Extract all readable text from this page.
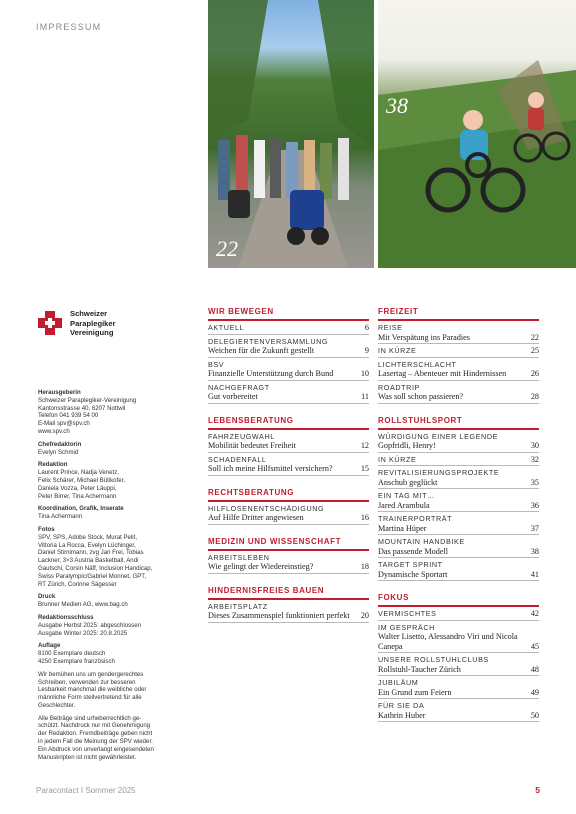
IMPRESSUM
22
38
Schweizer
Paraplegiker
Vereinigung
Herausgeberin
Schweizer Paraplegiker-Vereinigung
Kantonsstrasse 40, 6207 Nottwil
Telefon 041 939 54 00
E-Mail spv@spv.ch
www.spv.ch
Chefredaktorin
Evelyn Schmid
Redaktion
Laurent Prince, Nadja Venetz,
Felix Schärer, Michael Bütikofer,
Daniela Vozza, Peter Läuppi,
Peter Birrer, Tina Achermann
Koordination, Grafik, Inserate
Tina Achermann
Fotos
SPV, SPS, Adobe Stock, Murat Pelit,
Vittoria La Rocca, Evelyn Lüchinger,
Daniel Stirnimann, zvg Jan Frei, Tobias
Lackner, 3×3 Austria Basketball, Andi
Gautschi, Corsin Näff, Inclusion Handicap,
Swiss Paralympic/Gabriel Monnet, GPT,
RT Zürich, Corinne Sägesser
Druck
Brunner Medien AG, www.bag.ch
Redaktionsschluss
Ausgabe Herbst 2025: abgeschlossen
Ausgabe Winter 2025: 20.8.2025
Auflage
8100 Exemplare deutsch
4250 Exemplare französisch
Wir bemühen uns um gendergerechtes
Schreiben, verwenden zur besseren
Lesbarkeit manchmal die weibliche oder
männliche Form stellvertretend für alle
Geschlechter.
Alle Beiträge sind urheberrechtlich ge-
schützt. Nachdruck nur mit Genehmigung
der Redaktion. Fremdbeiträge geben nicht
in jedem Fall die Meinung der SPV wieder.
Ein Abdruck von unverlangt eingesendeten
Manuskripten ist nicht gewährleistet.
WIR BEWEGEN
AKTUELL	6
DELEGIERTENVERSAMMLUNG
Weichen für die Zukunft gestellt	9
BSV
Finanzielle Unterstützung durch Bund	10
NACHGEFRAGT
Gut vorbereitet	11
LEBENSBERATUNG
FAHRZEUGWAHL
Mobilität bedeutet Freiheit	12
SCHADENFALL
Soll ich meine Hilfsmittel versichern?	15
RECHTSBERATUNG
HILFLOSENENTSCHÄDIGUNG
Auf Hilfe Dritter angewiesen	16
MEDIZIN UND WISSENSCHAFT
ARBEITSLEBEN
Wie gelingt der Wiedereinstieg?	18
HINDERNISFREIES BAUEN
ARBEITSPLATZ
Dieses Zusammenspiel funktioniert perfekt	20
FREIZEIT
REISE
Mit Verspätung ins Paradies	22
IN KÜRZE	25
LICHTERSCHLACHT
Lasertag – Abenteuer mit Hindernissen	26
ROADTRIP
Was soll schon passieren?	28
ROLLSTUHLSPORT
WÜRDIGUNG EINER LEGENDE
Gopfridli, Henry!	30
IN KÜRZE	32
REVITALISIERUNGSPROJEKTE
Anschub geglückt	35
EIN TAG MIT…
Jared Arambula	36
TRAINERPORTRÄT
Martina Hüper	37
MOUNTAIN HANDBIKE
Das passende Modell	38
TARGET SPRINT
Dynamische Sportart	41
FOKUS
VERMISCHTES	42
IM GESPRÄCH
Walter Lisetto, Alessandro Viri und Nicola Canepa	45
UNSERE ROLLSTUHLCLUBS
Rollstuhl-Taucher Zürich	48
JUBILÄUM
Ein Grund zum Feiern	49
FÜR SIE DA
Kathrin Huber	50
Paracontact I Sommer 2025	5
